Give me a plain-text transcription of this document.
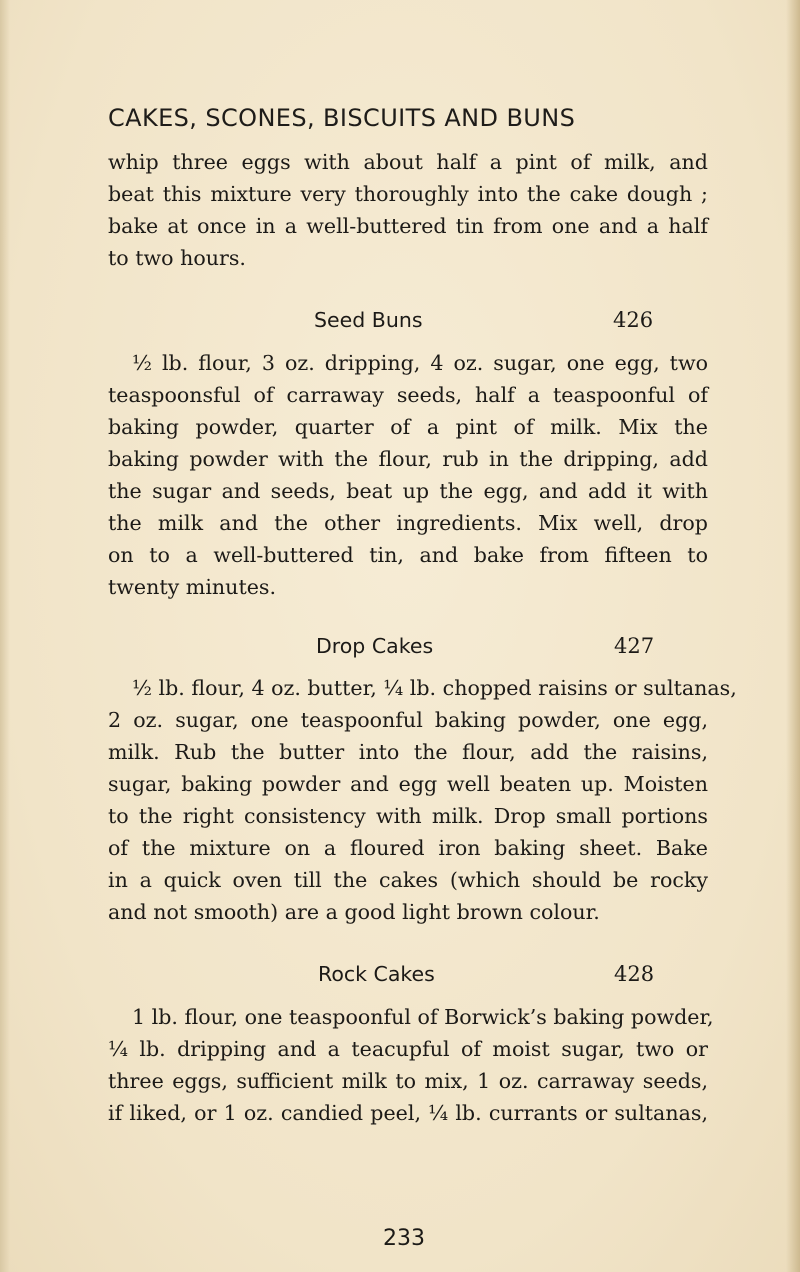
CAKES, SCONES, BISCUITS AND BUNS
whip three eggs with about half a pint of milk, and
beat this mixture very thoroughly into the cake dough ;
bake at once in a well-buttered tin from one and a half
to two hours.
Seed Buns	426
½ lb. flour, 3 oz. dripping, 4 oz. sugar, one egg, two
teaspoonsful of carraway seeds, half a teaspoonful of
baking powder, quarter of a pint of milk. Mix the
baking powder with the flour, rub in the dripping, add
the sugar and seeds, beat up the egg, and add it with
the milk and the other ingredients. Mix well, drop
on to a well-buttered tin, and bake from fifteen to
twenty minutes.
Drop Cakes	427
½ lb. flour, 4 oz. butter, ¼ lb. chopped raisins or sultanas,
2 oz. sugar, one teaspoonful baking powder, one egg,
milk. Rub the butter into the flour, add the raisins,
sugar, baking powder and egg well beaten up. Moisten
to the right consistency with milk. Drop small portions
of the mixture on a floured iron baking sheet. Bake
in a quick oven till the cakes (which should be rocky
and not smooth) are a good light brown colour.
Rock Cakes	428
1 lb. flour, one teaspoonful of Borwick’s baking powder,
¼ lb. dripping and a teacupful of moist sugar, two or
three eggs, sufficient milk to mix, 1 oz. carraway seeds,
if liked, or 1 oz. candied peel, ¼ lb. currants or sultanas,
233
